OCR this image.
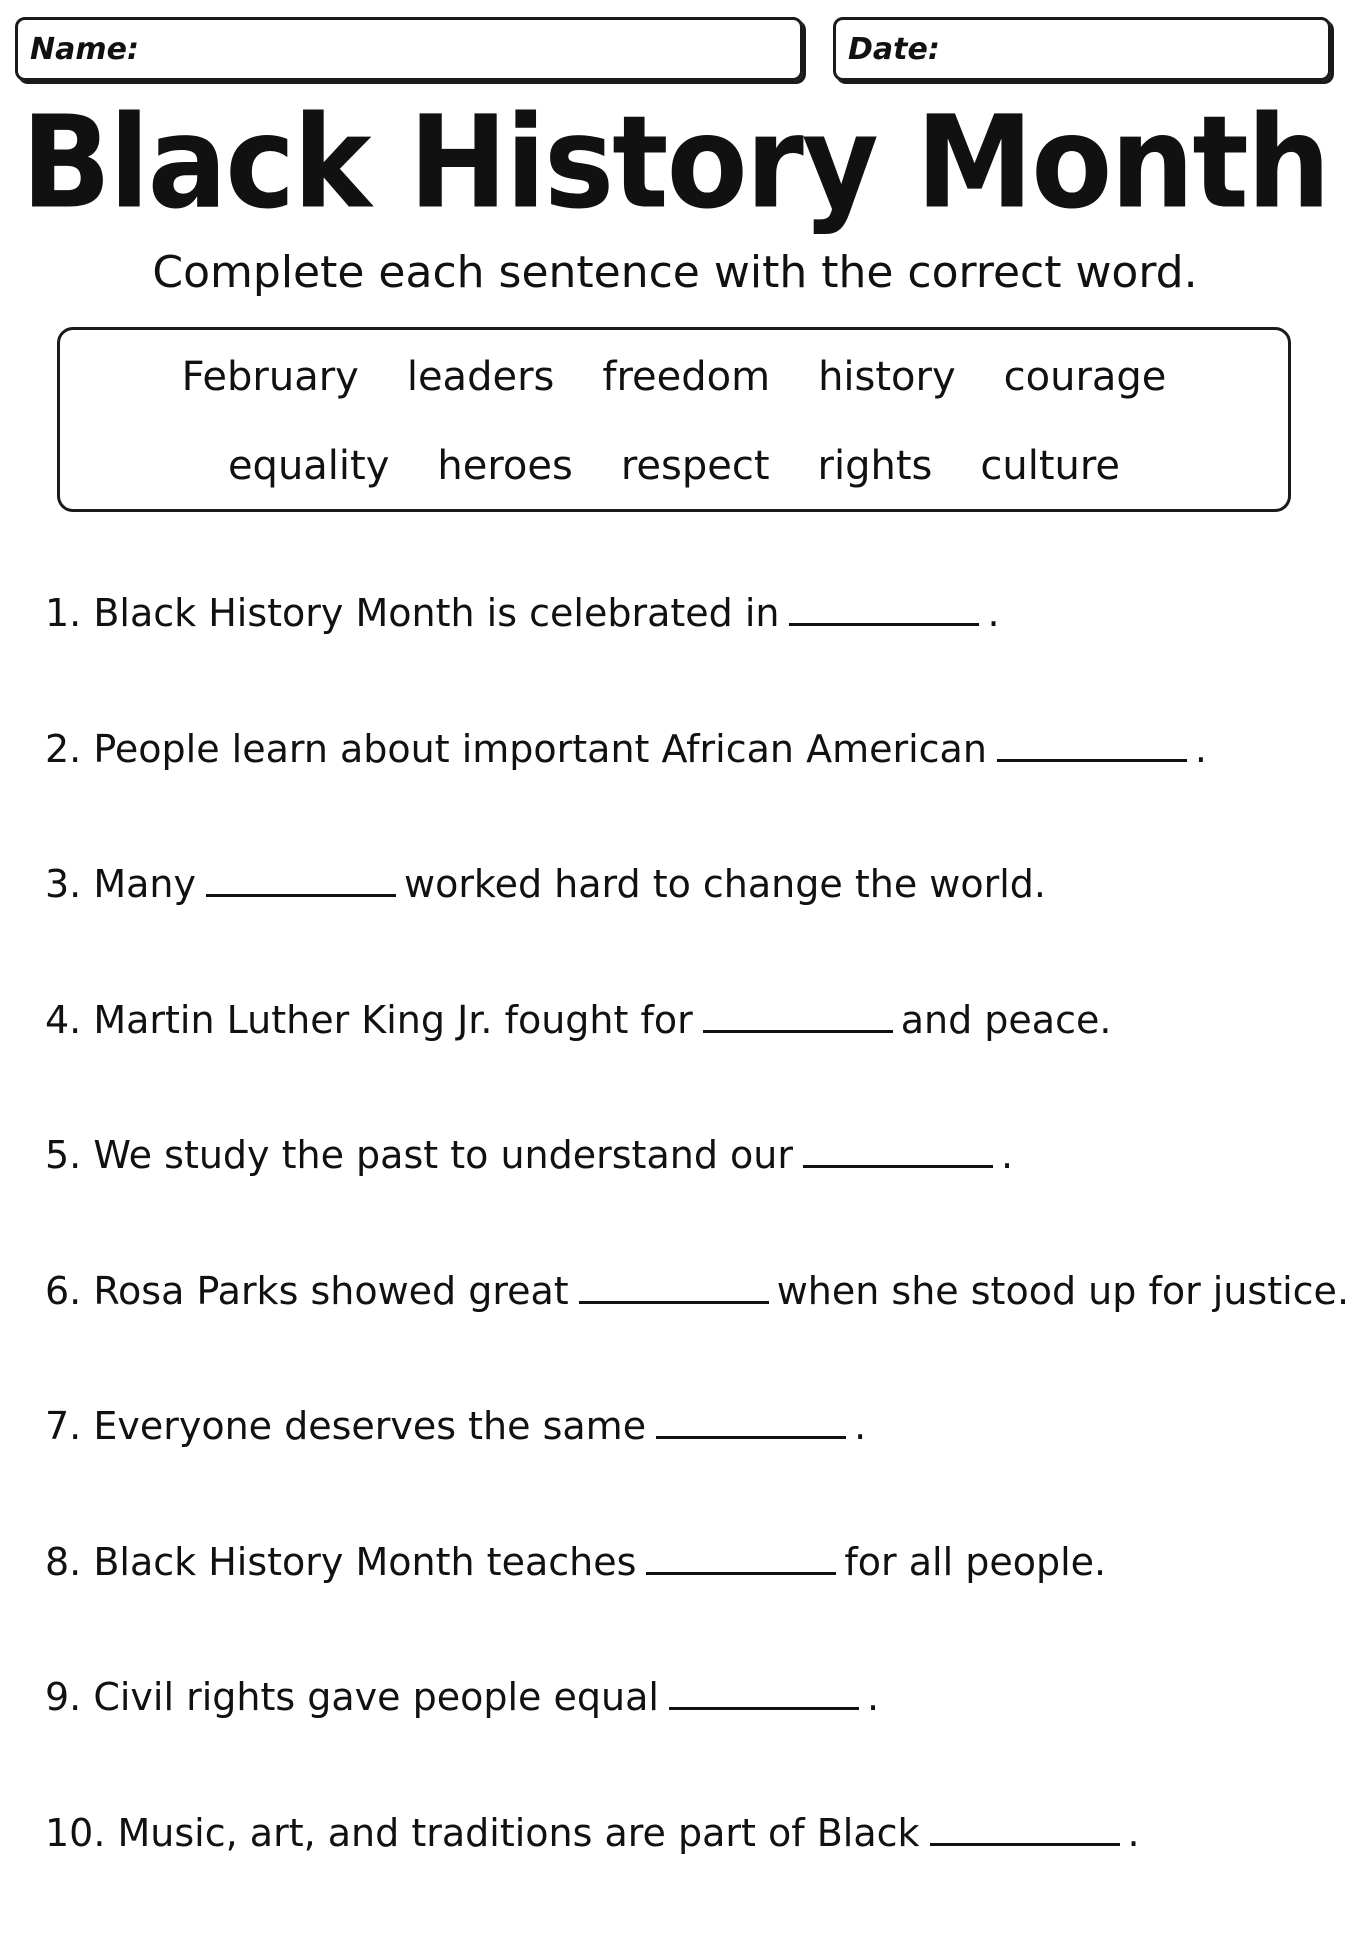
Name:	Date:
Black History Month
Complete each sentence with the correct word.
February leaders freedom history courage
equality heroes respect rights culture
1. Black History Month is celebrated in	.
2. People learn about important African American	.
3. Many	worked hard to change the world.
4. Martin Luther King Jr. fought for	and peace.
5. We study the past to understand our	.
6. Rosa Parks showed great	when she stood up for justice.
7. Everyone deserves the same	.
8. Black History Month teaches	for all people.
9. Civil rights gave people equal	.
10. Music, art, and traditions are part of Black	.
